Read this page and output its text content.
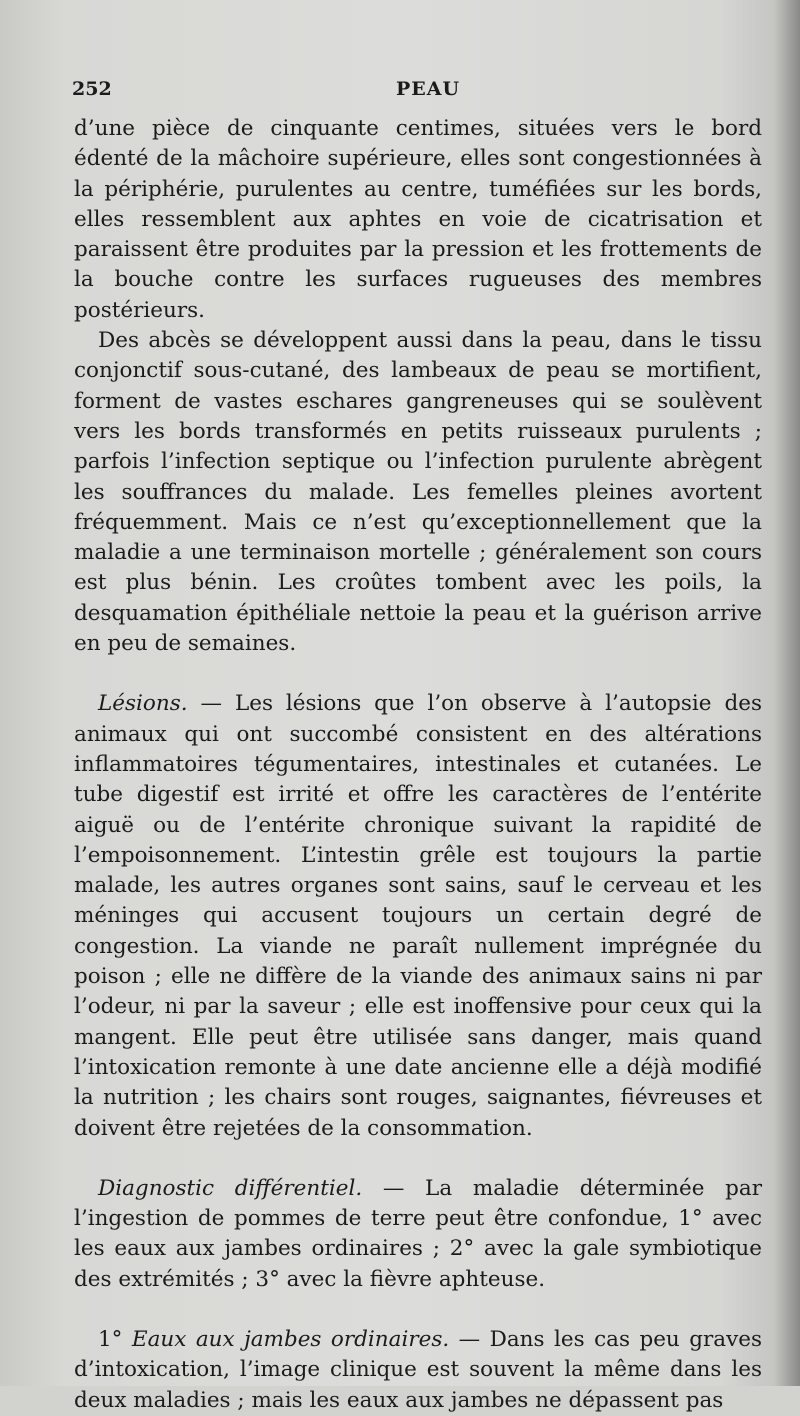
252	PEAU

d’une pièce de cinquante centimes, situées vers le bord édenté de la mâchoire supérieure, elles sont congestionnées à la périphérie, purulentes au centre, tuméfiées sur les bords, elles ressemblent aux aphtes en voie de cicatrisation et paraissent être produites par la pression et les frottements de la bouche contre les surfaces rugueuses des membres postérieurs.

Des abcès se développent aussi dans la peau, dans le tissu conjonctif sous-cutané, des lambeaux de peau se mortifient, forment de vastes eschares gangreneuses qui se soulèvent vers les bords transformés en petits ruisseaux purulents ; parfois l’infection septique ou l’infection purulente abrègent les souffrances du malade. Les femelles pleines avortent fréquemment. Mais ce n’est qu’exceptionnellement que la maladie a une terminaison mortelle ; généralement son cours est plus bénin. Les croûtes tombent avec les poils, la desquamation épithéliale nettoie la peau et la guérison arrive en peu de semaines.

Lésions. — Les lésions que l’on observe à l’autopsie des animaux qui ont succombé consistent en des altérations inflammatoires tégumentaires, intestinales et cutanées. Le tube digestif est irrité et offre les caractères de l’entérite aiguë ou de l’entérite chronique suivant la rapidité de l’empoisonnement. L’intestin grêle est toujours la partie malade, les autres organes sont sains, sauf le cerveau et les méninges qui accusent toujours un certain degré de congestion. La viande ne paraît nullement imprégnée du poison ; elle ne diffère de la viande des animaux sains ni par l’odeur, ni par la saveur ; elle est inoffensive pour ceux qui la mangent. Elle peut être utilisée sans danger, mais quand l’intoxication remonte à une date ancienne elle a déjà modifié la nutrition ; les chairs sont rouges, saignantes, fiévreuses et doivent être rejetées de la consommation.

Diagnostic différentiel. — La maladie déterminée par l’ingestion de pommes de terre peut être confondue, 1° avec les eaux aux jambes ordinaires ; 2° avec la gale symbiotique des extrémités ; 3° avec la fièvre aphteuse.

1° Eaux aux jambes ordinaires. — Dans les cas peu graves d’intoxication, l’image clinique est souvent la même dans les deux maladies ; mais les eaux aux jambes ne dépassent pas
